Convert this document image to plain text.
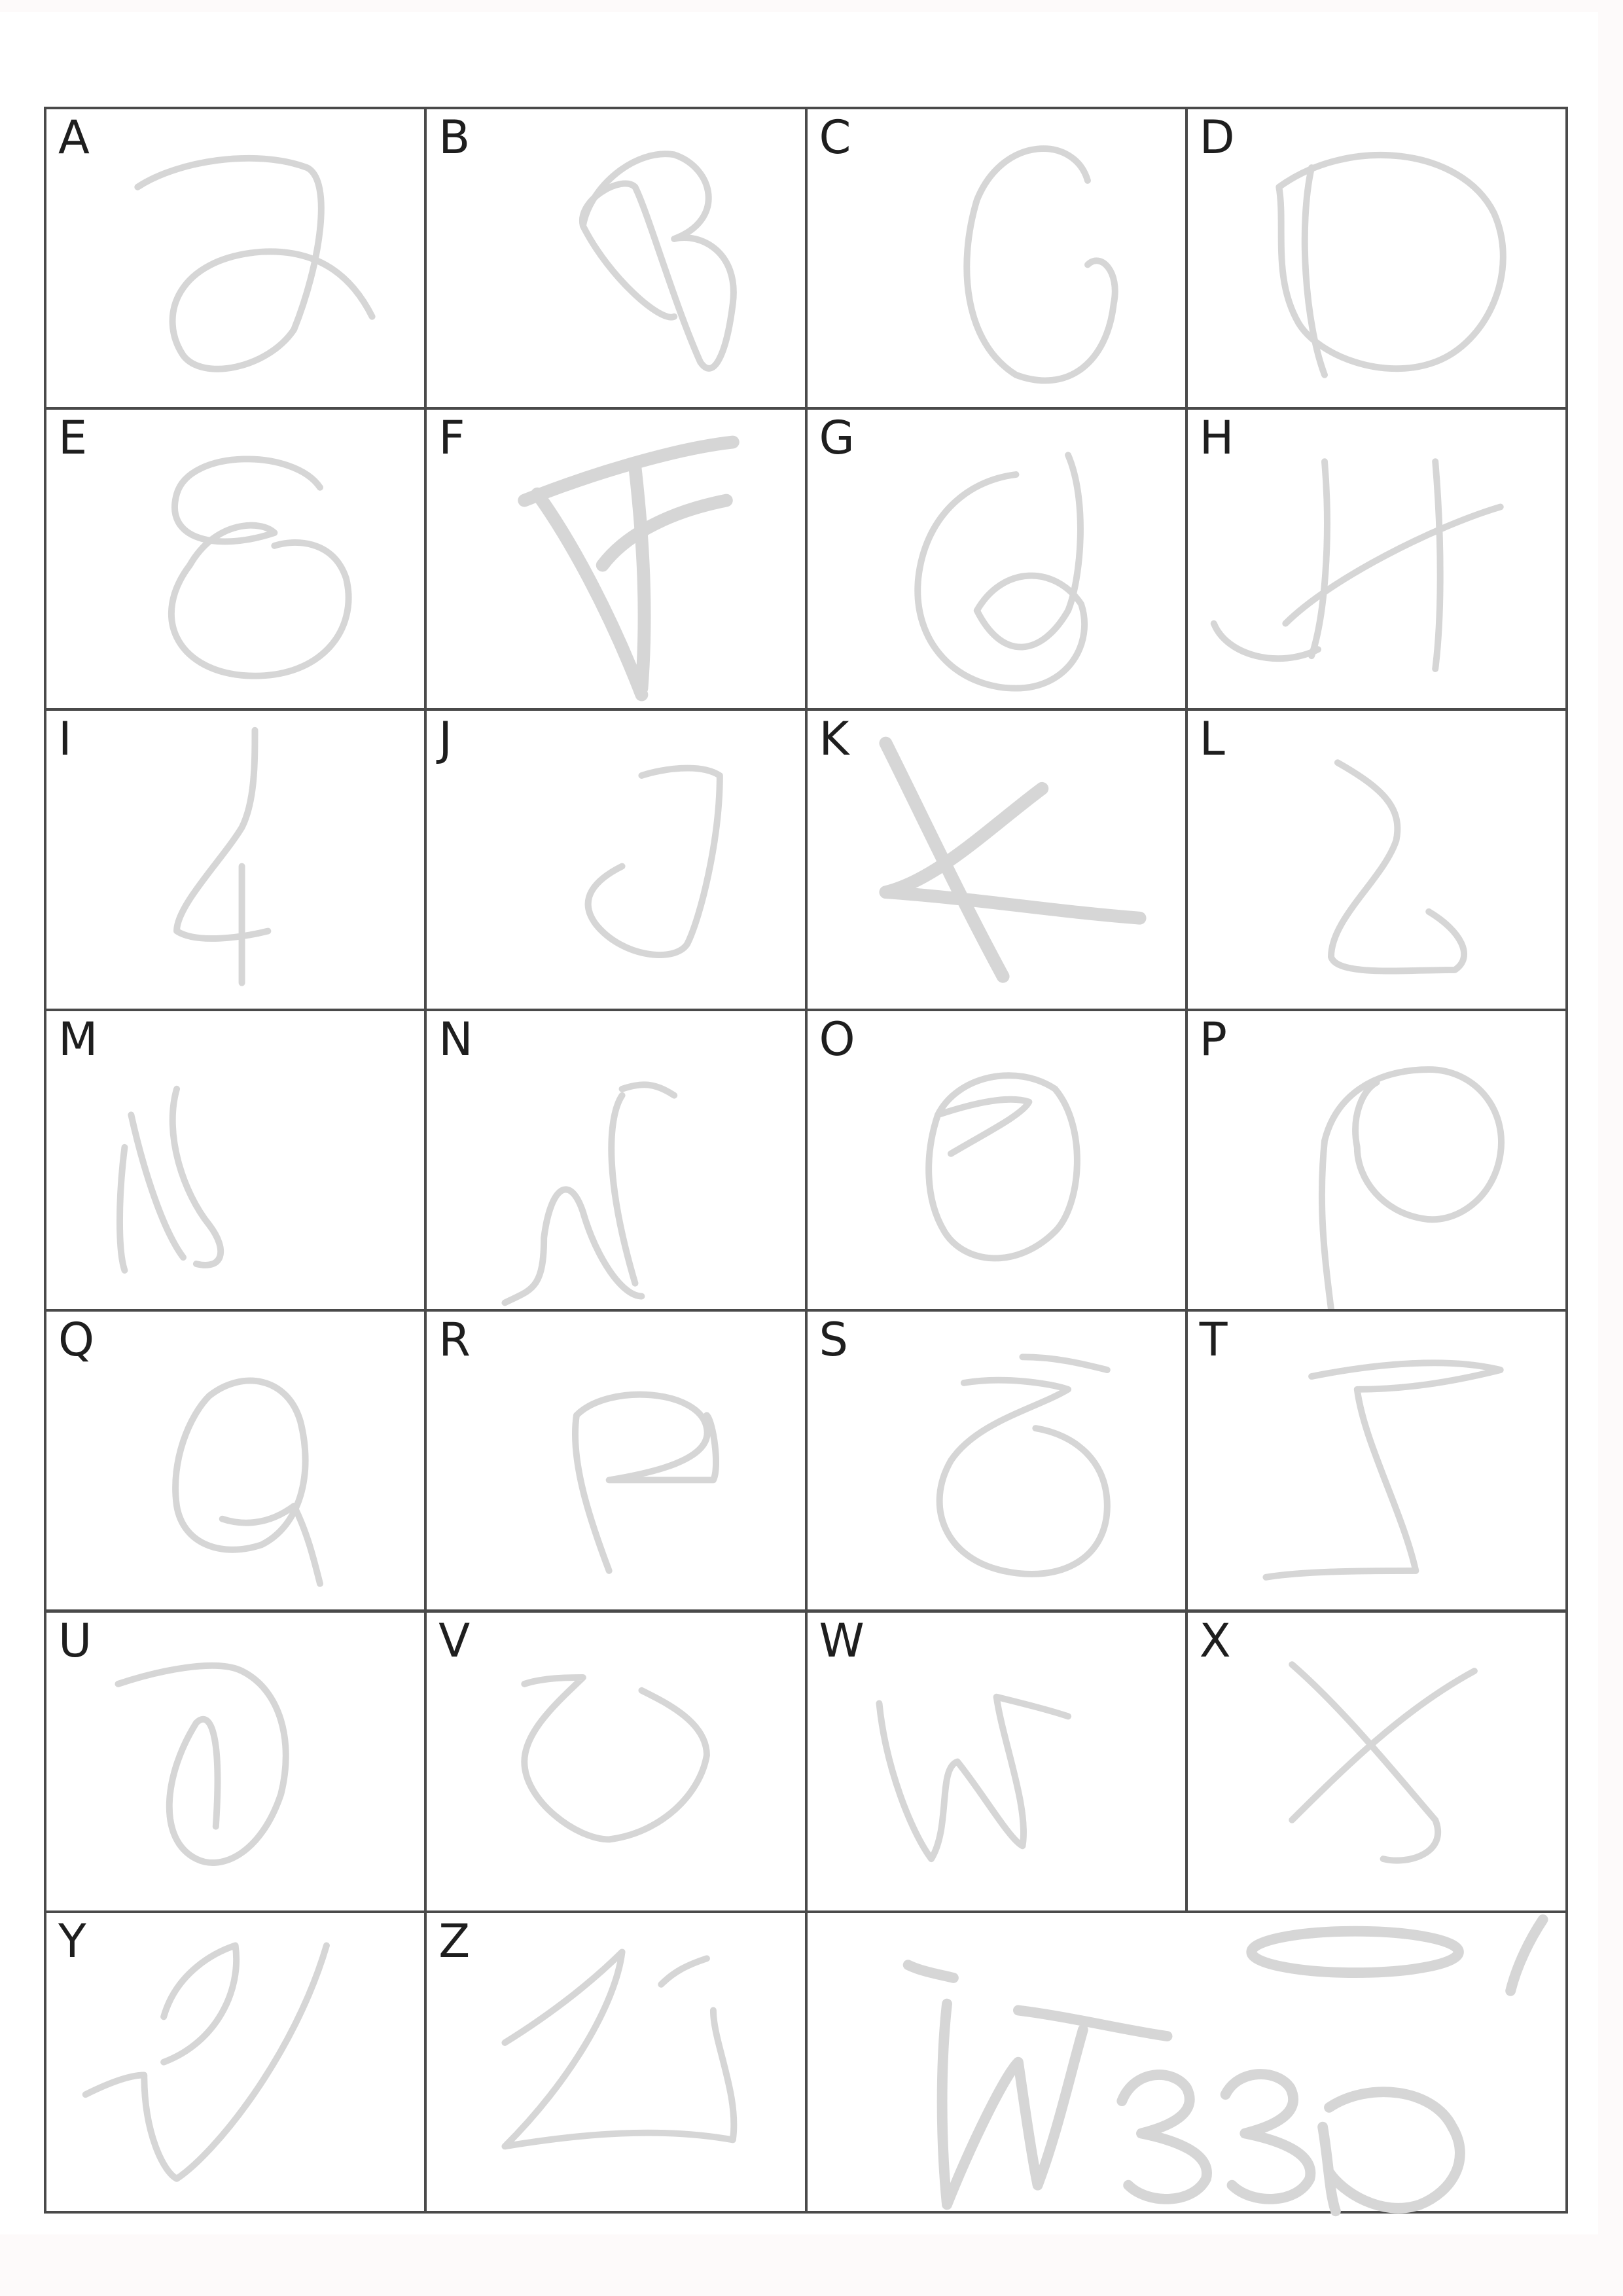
A	B	C	D
E	F	G	H
I	J	K	L
M	N	O	P
Q	R	S	T
U	V	W	X
Y	Z
